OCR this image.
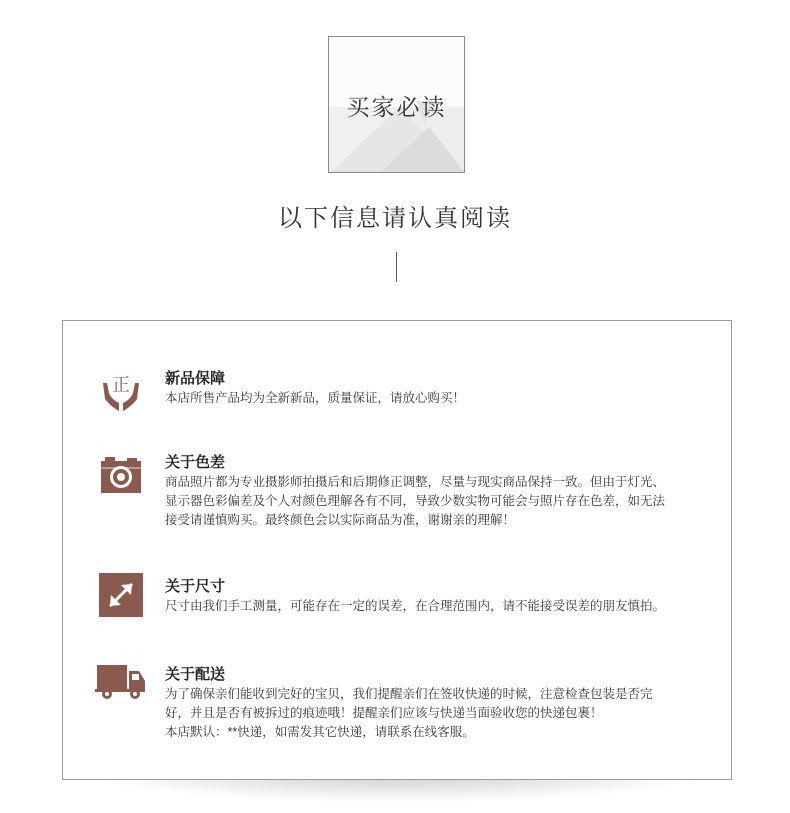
买家必读
以下信息请认真阅读
正 新品保障

本店所售产品均为全新新品，质量保证，请放心购买！

关于色差

商品照片都为专业摄影师拍摄后和后期修正调整，尽量与现实商品保持一致。但由于灯光、

显示器色彩偏差及个人对颜色理解各有不同，导致少数实物可能会与照片存在色差，如无法

接受请谨慎购买。最终颜色会以实际商品为准，谢谢亲的理解！

关于尺寸

尺寸由我们手工测量，可能存在一定的误差，在合理范围内，请不能接受误差的朋友慎拍。

关于配送

为了确保亲们能收到完好的宝贝，我们提醒亲们在签收快递的时候，注意检查包装是否完

好，并且是否有被拆过的痕迹哦！提醒亲们应该与快递当面验收您的快递包裹！

本店默认：**快递，如需发其它快递，请联系在线客服。
